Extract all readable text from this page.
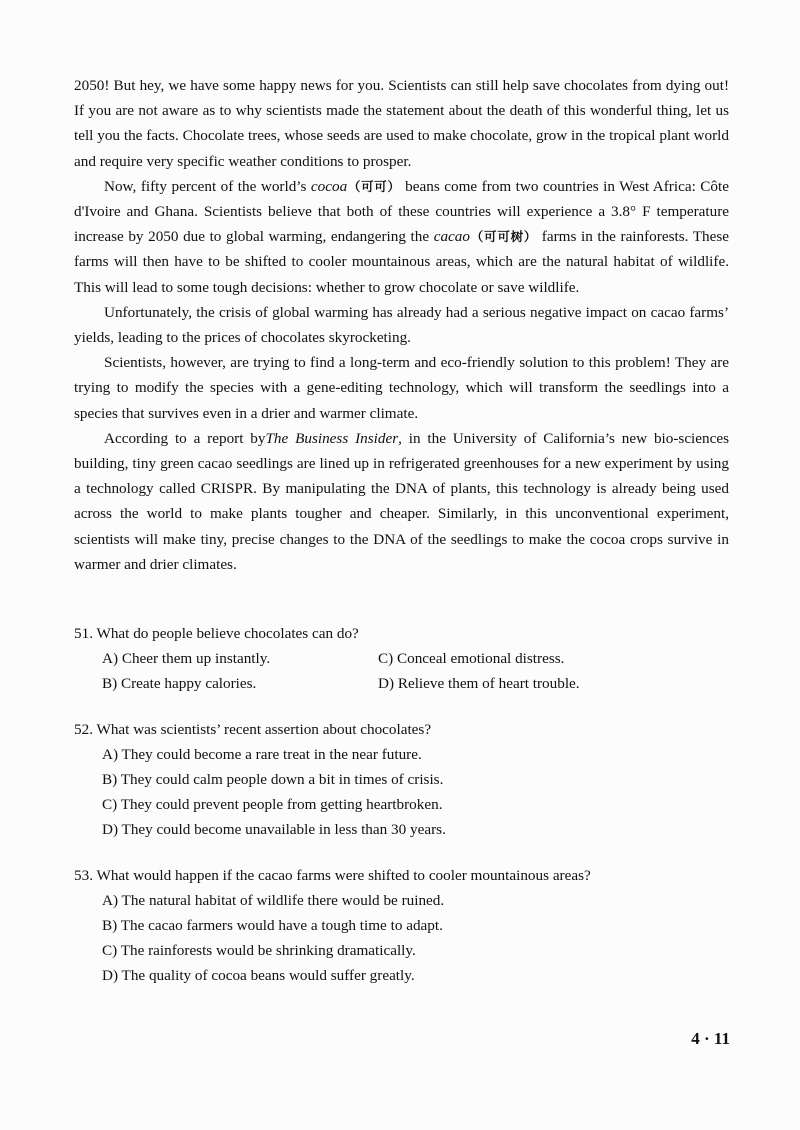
2050! But hey, we have some happy news for you. Scientists can still help save chocolates from dying out! If you are not aware as to why scientists made the statement about the death of this wonderful thing, let us tell you the facts. Chocolate trees, whose seeds are used to make chocolate, grow in the tropical plant world and require very specific weather conditions to prosper.

Now, fifty percent of the world’s cocoa（可可） beans come from two countries in West Africa: Côte d'Ivoire and Ghana. Scientists believe that both of these countries will experience a 3.8° F temperature increase by 2050 due to global warming, endangering the cacao（可可树） farms in the rainforests. These farms will then have to be shifted to cooler mountainous areas, which are the natural habitat of wildlife. This will lead to some tough decisions: whether to grow chocolate or save wildlife.

Unfortunately, the crisis of global warming has already had a serious negative impact on cacao farms’ yields, leading to the prices of chocolates skyrocketing.

Scientists, however, are trying to find a long-term and eco-friendly solution to this problem! They are trying to modify the species with a gene-editing technology, which will transform the seedlings into a species that survives even in a drier and warmer climate.

According to a report byThe Business Insider, in the University of California’s new bio-sciences building, tiny green cacao seedlings are lined up in refrigerated greenhouses for a new experiment by using a technology called CRISPR. By manipulating the DNA of plants, this technology is already being used across the world to make plants tougher and cheaper. Similarly, in this unconventional experiment, scientists will make tiny, precise changes to the DNA of the seedlings to make the cocoa crops survive in warmer and drier climates.

51. What do people believe chocolates can do?

A) Cheer them up instantly.	C) Conceal emotional distress.

B) Create happy calories.	D) Relieve them of heart trouble.

52. What was scientists’ recent assertion about chocolates?

A) They could become a rare treat in the near future.

B) They could calm people down a bit in times of crisis.

C) They could prevent people from getting heartbroken.

D) They could become unavailable in less than 30 years.

53. What would happen if the cacao farms were shifted to cooler mountainous areas?

A) The natural habitat of wildlife there would be ruined.

B) The cacao farmers would have a tough time to adapt.

C) The rainforests would be shrinking dramatically.

D) The quality of cocoa beans would suffer greatly.

4 · 11
